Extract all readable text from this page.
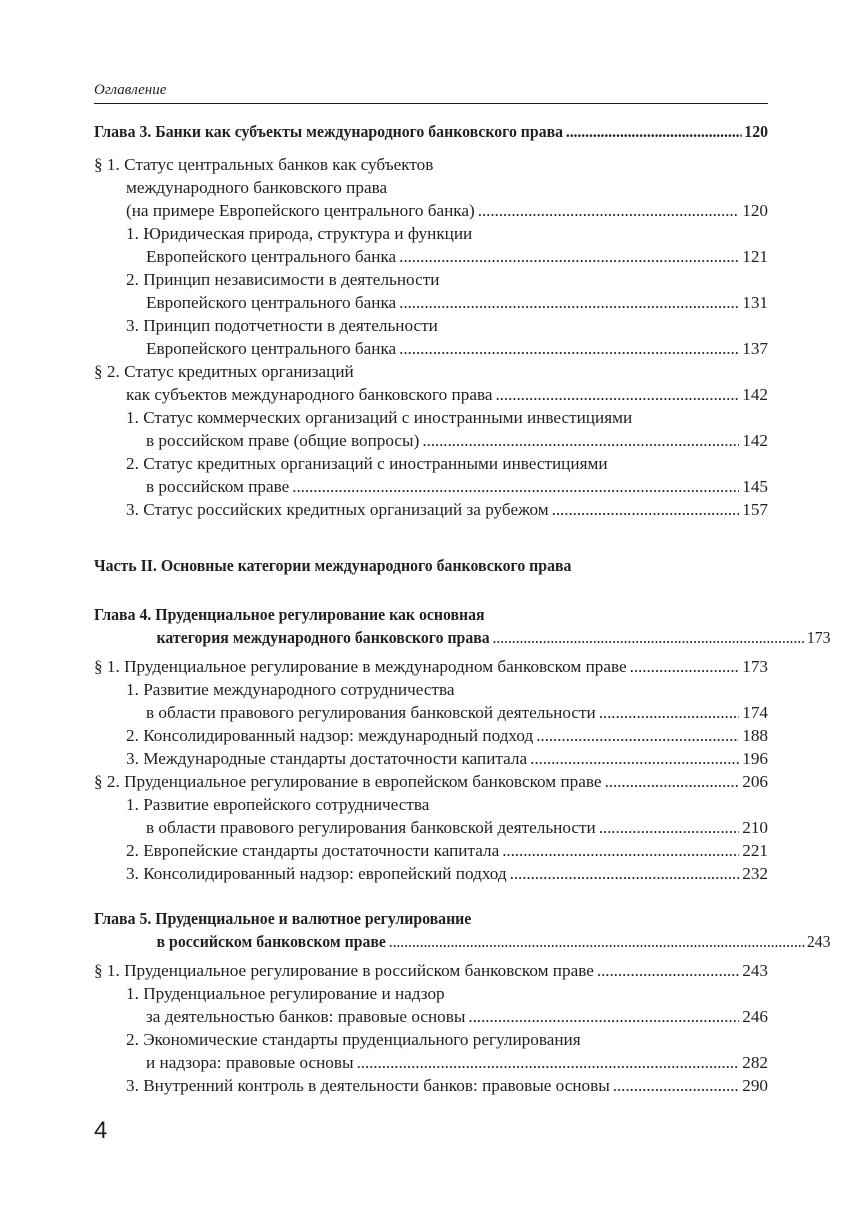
Оглавление
Глава 3. Банки как субъекты международного банковского права . . .	120
§ 1. Статус центральных банков как субъектов
международного банковского права
(на примере Европейского центрального банка) . . .	120
1. Юридическая природа, структура и функции
Европейского центрального банка . . .	121
2. Принцип независимости в деятельности
Европейского центрального банка . . .	131
3. Принцип подотчетности в деятельности
Европейского центрального банка . . .	137
§ 2. Статус кредитных организаций
как субъектов международного банковского права . . .	142
1. Статус коммерческих организаций с иностранными инвестициями
в российском праве (общие вопросы) . . .	142
2. Статус кредитных организаций с иностранными инвестициями
в российском праве . . .	145
3. Статус российских кредитных организаций за рубежом . . .	157
Часть II. Основные категории международного банковского права
Глава 4. Пруденциальное регулирование как основная
категория международного банковского права . . .	173
§ 1. Пруденциальное регулирование в международном банковском праве . . .	173
1. Развитие международного сотрудничества
в области правового регулирования банковской деятельности . . .	174
2. Консолидированный надзор: международный подход . . .	188
3. Международные стандарты достаточности капитала . . .	196
§ 2. Пруденциальное регулирование в европейском банковском праве . . .	206
1. Развитие европейского сотрудничества
в области правового регулирования банковской деятельности . . .	210
2. Европейские стандарты достаточности капитала . . .	221
3. Консолидированный надзор: европейский подход . . .	232
Глава 5. Пруденциальное и валютное регулирование
в российском банковском праве . . .	243
§ 1. Пруденциальное регулирование в российском банковском праве . . .	243
1. Пруденциальное регулирование и надзор
за деятельностью банков: правовые основы . . .	246
2. Экономические стандарты пруденциального регулирования
и надзора: правовые основы . . .	282
3. Внутренний контроль в деятельности банков: правовые основы . . .	290
4
